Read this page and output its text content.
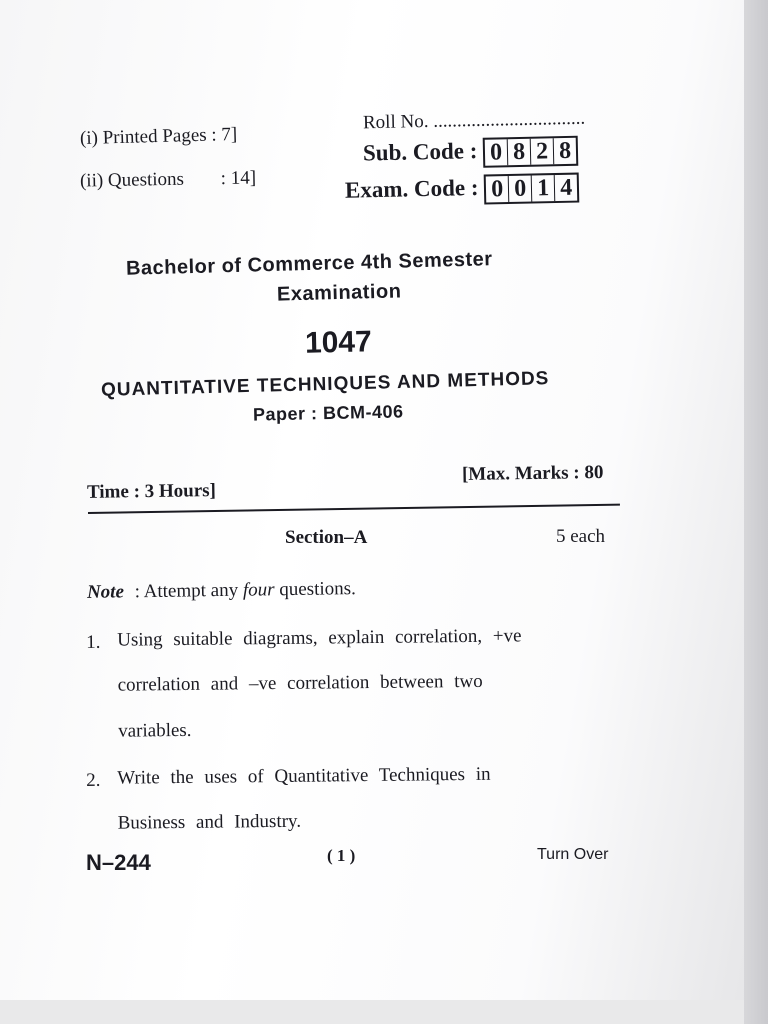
(i) Printed Pages : 7]
(ii) Questions : 14]
Roll No. ................................
Sub. Code : 0 8 2 8
Exam. Code : 0 0 1 4
Bachelor of Commerce 4th Semester
Examination
1047
QUANTITATIVE TECHNIQUES AND METHODS
Paper : BCM-406
Time : 3 Hours]
[Max. Marks : 80
Section–A	5 each
Note : Attempt any four questions.
1. Using suitable diagrams, explain correlation, +ve
correlation and –ve correlation between two
variables.
2. Write the uses of Quantitative Techniques in
Business and Industry.
N–244	( 1 )	Turn Over
